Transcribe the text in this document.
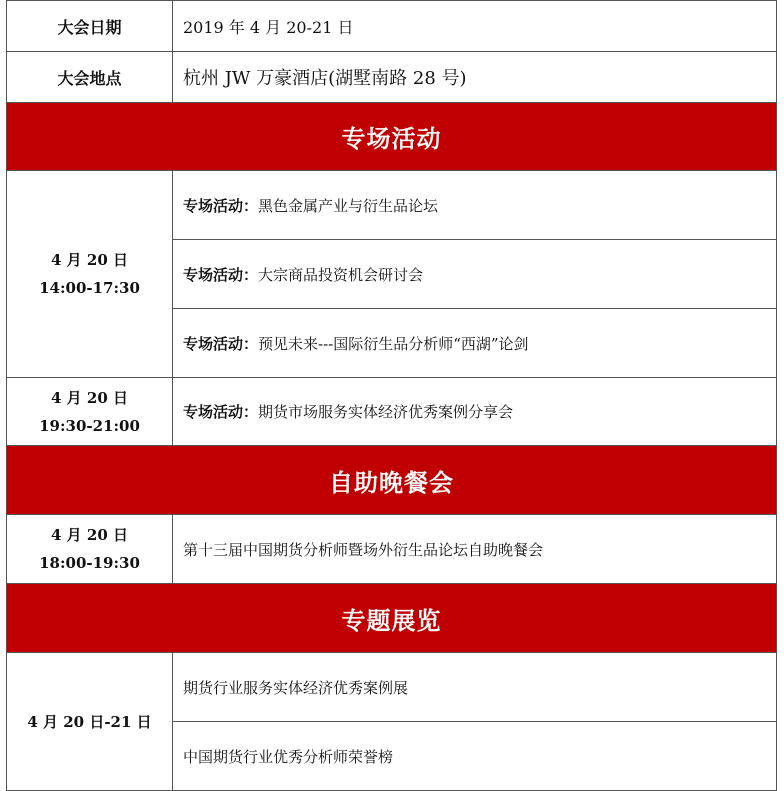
大会日期	2019 年 4 月 20-21 日
大会地点	杭州 JW 万豪酒店(湖墅南路 28 号)
专场活动	

4 月 20 日
14:00-17:30	专场活动：黑色金属产业与衍生品论坛
	专场活动：大宗商品投资机会研讨会
	专场活动：预见未来---国际衍生品分析师“西湖”论剑

4 月 20 日
19:30-21:00	专场活动：期货市场服务实体经济优秀案例分享会
自助晚餐会	

4 月 20 日
18:00-19:30	第十三届中国期货分析师暨场外衍生品论坛自助晚餐会
专题展览	
4 月 20 日-21 日	期货行业服务实体经济优秀案例展
	中国期货行业优秀分析师荣誉榜
